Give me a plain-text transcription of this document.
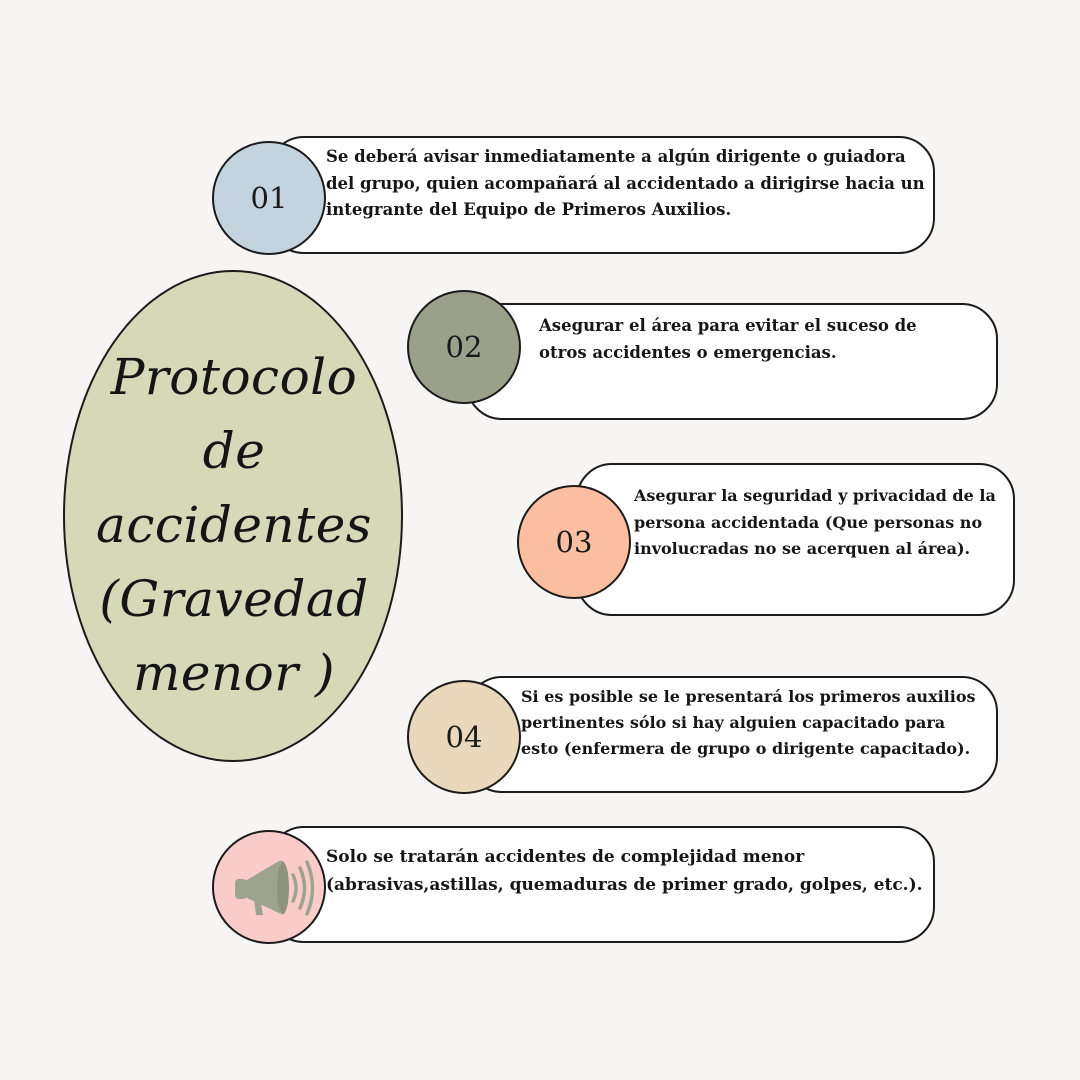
Protocolo
de
accidentes
(Gravedad
menor )
Se deberá avisar inmediatamente a algún dirigente o guiadora
del grupo, quien acompañará al accidentado a dirigirse hacia un
integrante del Equipo de Primeros Auxilios.
01
Asegurar el área para evitar el suceso de
otros accidentes o emergencias.
02
Asegurar la seguridad y privacidad de la
persona accidentada (Que personas no
involucradas no se acerquen al área).
03
Si es posible se le presentará los primeros auxilios
pertinentes sólo si hay alguien capacitado para
esto (enfermera de grupo o dirigente capacitado).
04
Solo se tratarán accidentes de complejidad menor
(abrasivas,astillas, quemaduras de primer grado, golpes, etc.).
